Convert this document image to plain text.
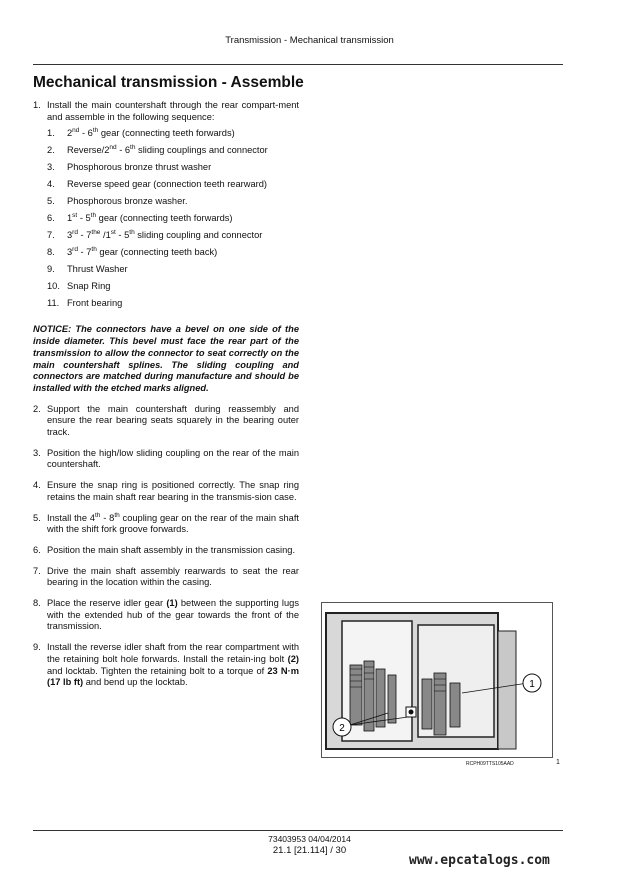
Transmission - Mechanical transmission
Mechanical transmission - Assemble
1. Install the main countershaft through the rear compart-ment and assemble in the following sequence:
1.	2nd - 6th gear (connecting teeth forwards)
2.	Reverse/2nd - 6th sliding couplings and connector
3.	Phosphorous bronze thrust washer
4.	Reverse speed gear (connection teeth rearward)
5.	Phosphorous bronze washer.
6.	1st - 5th gear (connecting teeth forwards)
7.	$3rd - 7^{the}$ /1st - 5th sliding coupling and connector
8.	3rd - 7th gear (connecting teeth back)
9.	Thrust Washer
10. Snap Ring
11. Front bearing
NOTICE: The connectors have a bevel on one side of the inside diameter. This bevel must face the rear part of the transmission to allow the connector to seat correctly on the main countershaft splines. The sliding coupling and connectors are matched during manufacture and should be installed with the etched marks aligned.
2. Support the main countershaft during reassembly and ensure the rear bearing seats squarely in the bearing outer track.
3. Position the high/low sliding coupling on the rear of the main countershaft.
4. Ensure the snap ring is positioned correctly. The snap ring retains the main shaft rear bearing in the transmis-sion case.
5. Install the 4th - 8th coupling gear on the rear of the main shaft with the shift fork groove forwards.
6. Position the main shaft assembly in the transmission casing.
7. Drive the main shaft assembly rearwards to seat the rear bearing in the location within the casing.
8. Place the reserve idler gear (1) between the supporting lugs with the extended hub of the gear towards the front of the transmission.
9. Install the reverse idler shaft from the rear compartment with the retaining bolt hole forwards. Install the retain-ing bolt (2) and locktab. Tighten the retaining bolt to a torque of 23 N·m (17 lb ft) and bend up the locktab.	1
2
RCPH09TTS105AAD	1
73403953 04/04/2014
21.1 [21.114] / 30
www.epcatalogs.com
